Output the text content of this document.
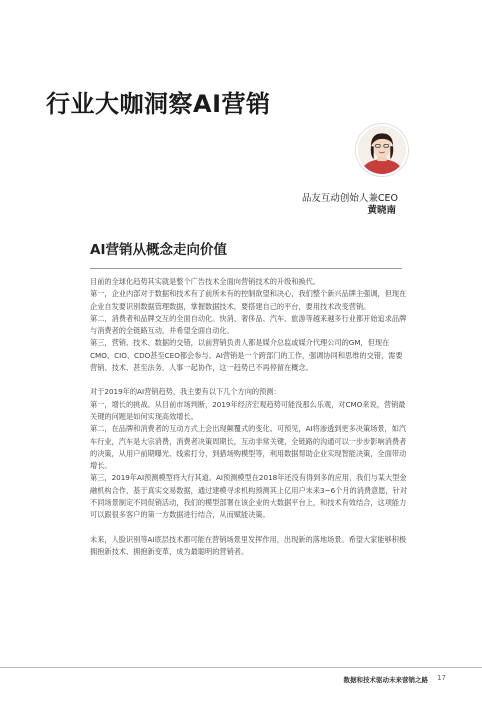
行业大咖洞察AI营销
品友互动创始人兼CEO
黄晓南
AI营销从概念走向价值

目前的全球化趋势其实就是整个广告技术全面向营销技术的升级和换代。

第一，企业内部对于数据和技术有了前所未有的控制欲望和决心，我们整个新兴品牌主强调，但现在企业自发要识别数据管理数据，掌握数据技术，要搭建自己的平台，要用技术改变营销。

第二，消费者和品牌交互的全面自动化。快消、奢侈品、汽车、旅游等越来越多行业都开始追求品牌与消费者的全链路互动，并希望全面自动化。

第三，营销、技术、数据的交错，以前营销负责人都是媒介总监或媒介代理公司的GM，但现在CMO、CIO、CDO甚至CEO都会参与。AI营销是一个跨部门的工作，强调协同和思维的交错，需要营销、技术、甚至法务、人事一起协作，这一趋势已不再停留在概念。

对于2019年的AI营销趋势，我主要有以下几个方向的预测：

第一，增长的挑战。从目前市场判断，2019年经济宏观趋势可能没那么乐观，对CMO来说，营销最关键的问题是如何实现高效增长。

第二，在品牌和消费者的互动方式上会出现颠覆式的变化。可预见，AI将渗透到更多决策场景，如汽车行业，汽车是大宗消费，消费者决策周期长，互动非常关键，全链路的沟通可以一步步影响消费者的决策，从用户前期曝光、线索打分，到猎场购模型等，利用数据帮助企业实现智能决策，全面带动增长。

第三，2019年AI预测模型将大行其道。AI预测模型在2018年还没有得到多的应用，我们与某大型金融机构合作，基于真实交易数据，通过建模寻求机构预测其上亿用户未来3~6个月的消费意愿，针对不同场景制定不同促销活动，我们的模型部署在该企业的大数据平台上，和技术有效结合，这项能力可以跟很多客户的第一方数据进行结合，从而赋能决策。

未来，人脸识别等AI底层技术都可能在营销场景里发挥作用，出现新的落地场景。希望大家能够积极拥抱新技术、拥抱新变革，成为最聪明的营销者。

数据和技术驱动未来营销之路 17
